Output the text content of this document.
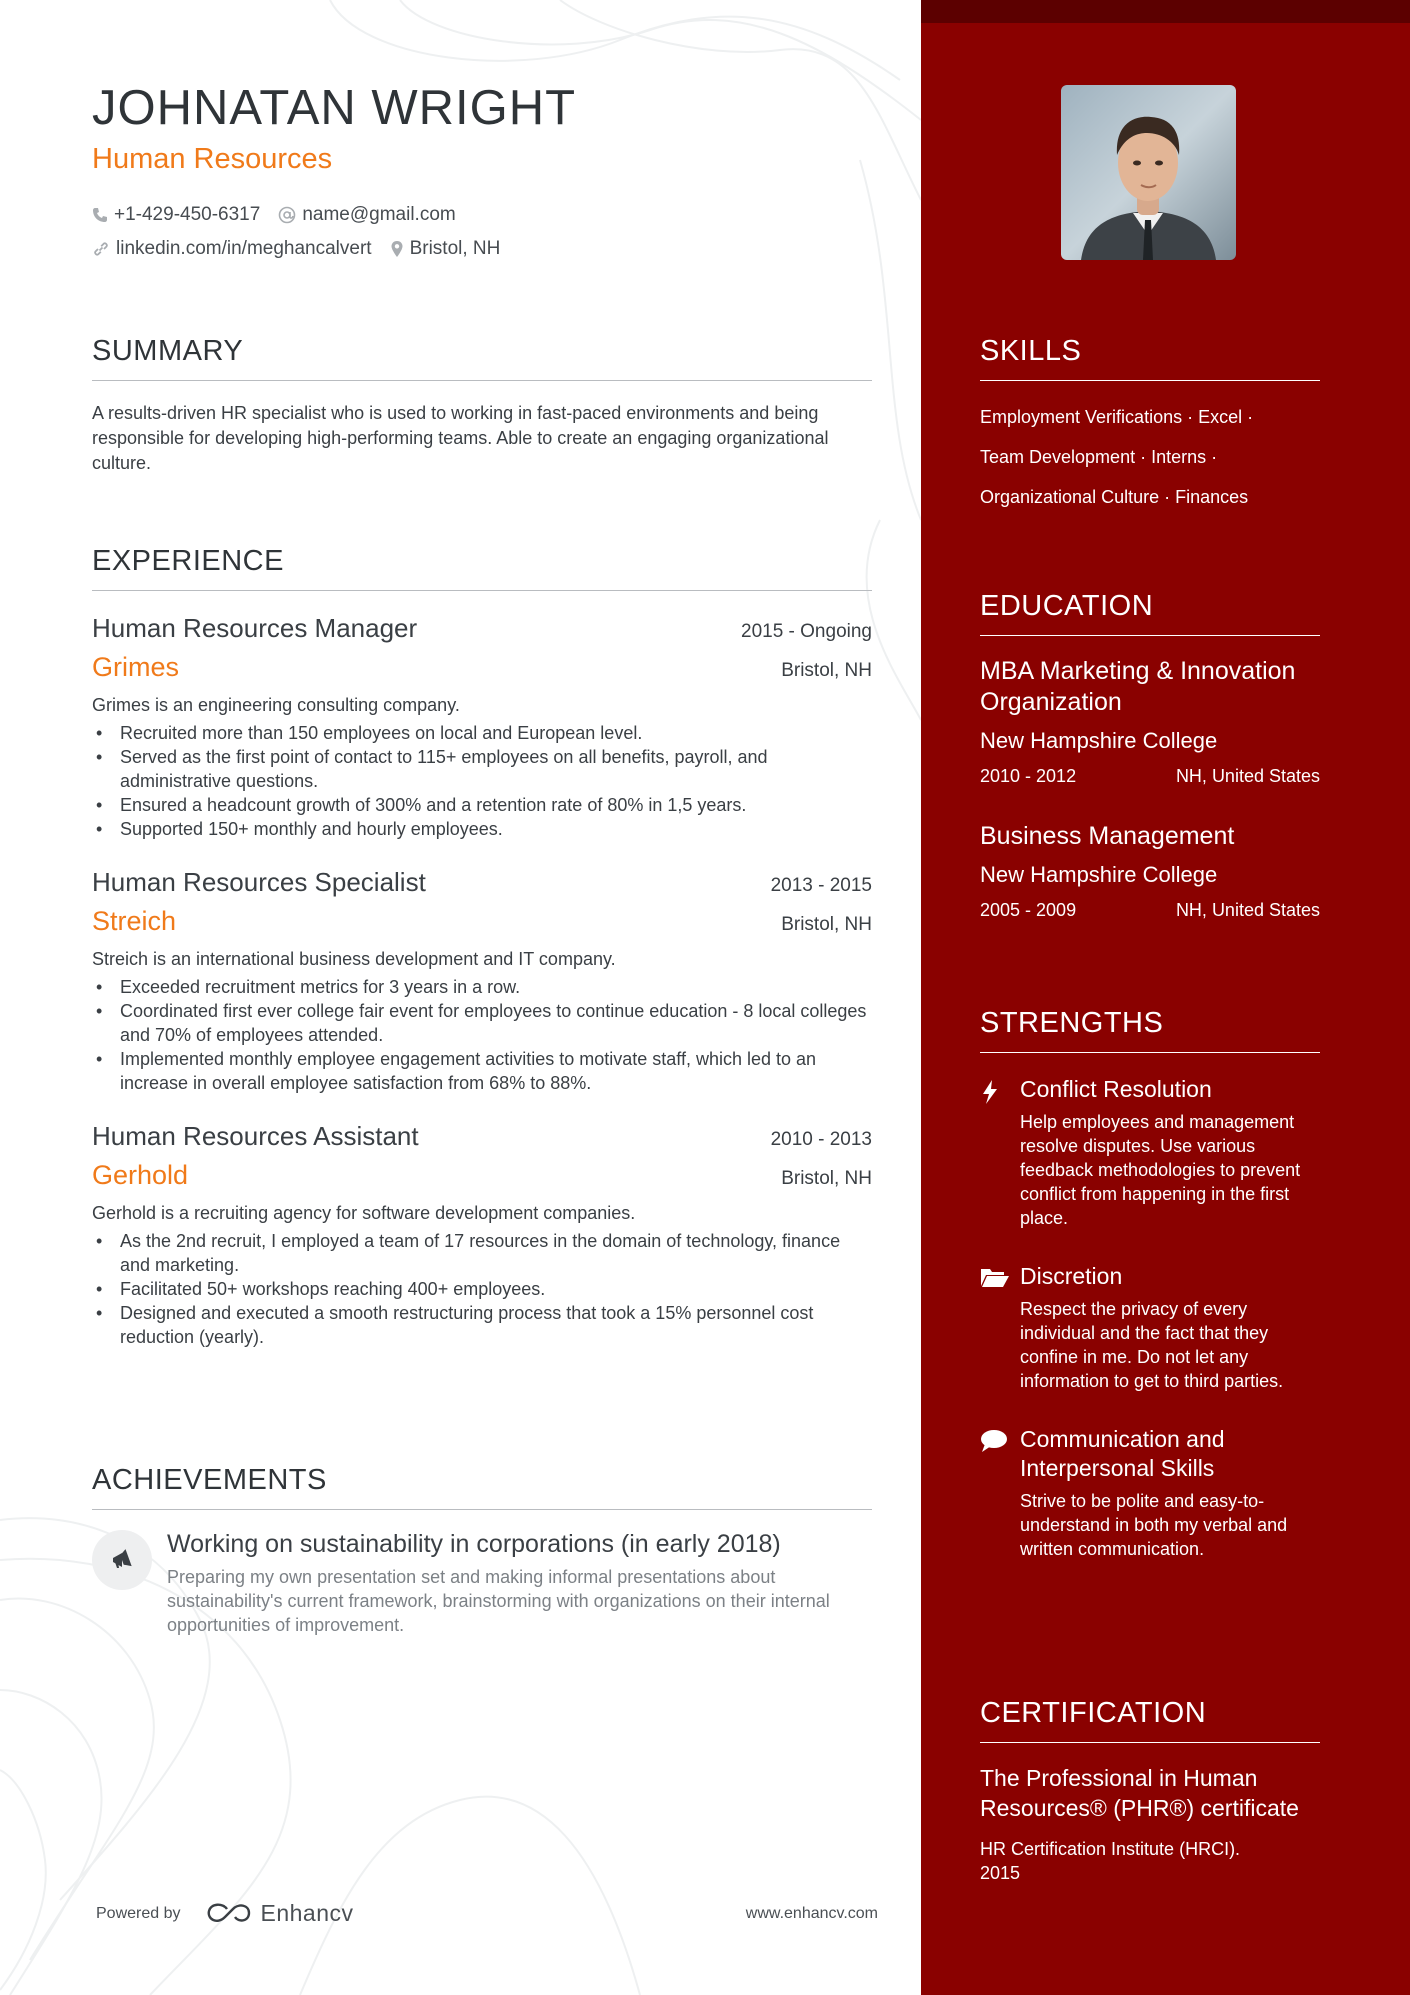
JOHNATAN WRIGHT
Human Resources
+1-429-450-6317 name@gmail.com
linkedin.com/in/meghancalvert Bristol, NH
SUMMARY

A results-driven HR specialist who is used to working in fast-paced environments and being responsible for developing high-performing teams. Able to create an engaging organizational culture.

EXPERIENCE
Human Resources Manager	2015 - Ongoing
Grimes	Bristol, NH
Grimes is an engineering consulting company.
• Recruited more than 150 employees on local and European level.
• Served as the first point of contact to 115+ employees on all benefits, payroll, and administrative questions.
• Ensured a headcount growth of 300% and a retention rate of 80% in 1,5 years.
• Supported 150+ monthly and hourly employees.
Human Resources Specialist	2013 - 2015
Streich	Bristol, NH
Streich is an international business development and IT company.
• Exceeded recruitment metrics for 3 years in a row.
• Coordinated first ever college fair event for employees to continue education - 8 local colleges and 70% of employees attended.
• Implemented monthly employee engagement activities to motivate staff, which led to an increase in overall employee satisfaction from 68% to 88%.
Human Resources Assistant	2010 - 2013
Gerhold	Bristol, NH
Gerhold is a recruiting agency for software development companies.
• As the 2nd recruit, I employed a team of 17 resources in the domain of technology, finance and marketing.
• Facilitated 50+ workshops reaching 400+ employees.
• Designed and executed a smooth restructuring process that took a 15% personnel cost reduction (yearly).
ACHIEVEMENTS
Working on sustainability in corporations (in early 2018)
Preparing my own presentation set and making informal presentations about sustainability's current framework, brainstorming with organizations on their internal opportunities of improvement.
Powered by	Enhancv	www.enhancv.com
SKILLS
Employment Verifications · Excel ·
Team Development · Interns ·
Organizational Culture · Finances
EDUCATION
MBA Marketing & Innovation Organization
New Hampshire College
2010 - 2012	NH, United States
Business Management
New Hampshire College
2005 - 2009	NH, United States
STRENGTHS
Conflict Resolution
Help employees and management resolve disputes. Use various feedback methodologies to prevent conflict from happening in the first place.
Discretion
Respect the privacy of every individual and the fact that they confine in me. Do not let any information to get to third parties.
Communication and Interpersonal Skills
Strive to be polite and easy-to-understand in both my verbal and written communication.
CERTIFICATION
The Professional in Human Resources® (PHR®) certificate
HR Certification Institute (HRCI).
2015
